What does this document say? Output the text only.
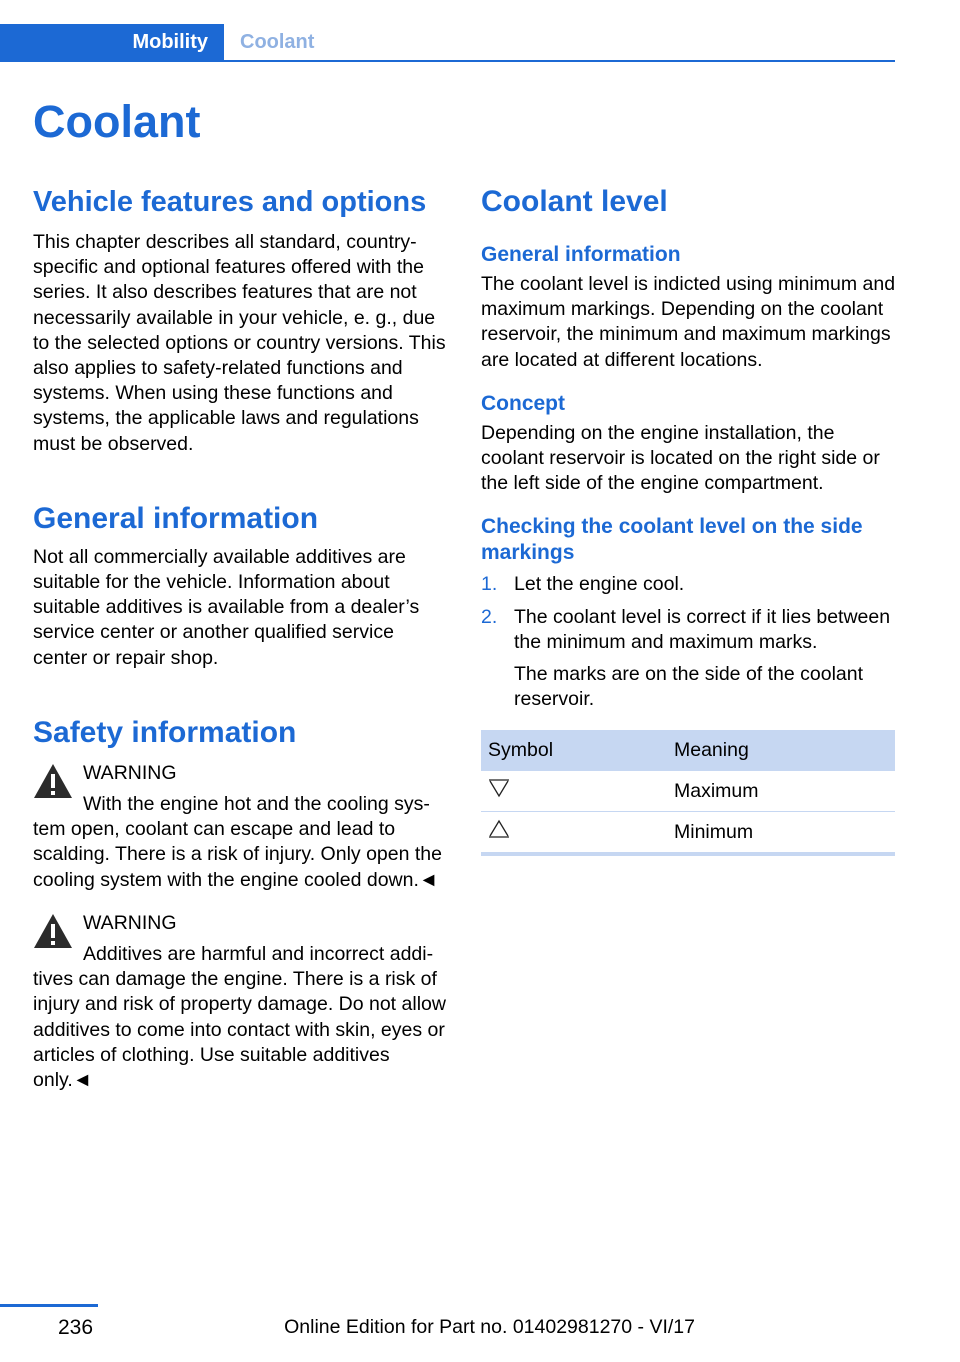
Mobility	Coolant
Coolant
Vehicle features and options

This chapter describes all standard, country-specific and optional features offered with the series. It also describes features that are not necessarily available in your vehicle, e. g., due to the selected options or country versions. This also applies to safety-related functions and systems. When using these functions and systems, the applicable laws and regulations must be observed.

General information

Not all commercially available additives are suitable for the vehicle. Information about suitable additives is available from a dealer’s service center or another qualified service center or repair shop.

Safety information

WARNING

With the engine hot and the cooling sys-

tem open, coolant can escape and lead to scalding. There is a risk of injury. Only open the cooling system with the engine cooled down.◄

WARNING

Additives are harmful and incorrect addi-

tives can damage the engine. There is a risk of injury and risk of property damage. Do not allow additives to come into contact with skin, eyes or articles of clothing. Use suitable additives only.◄

Coolant level
General information

The coolant level is indicted using minimum and maximum markings. Depending on the coolant reservoir, the minimum and maximum markings are located at different locations.

Concept

Depending on the engine installation, the coolant reservoir is located on the right side or the left side of the engine compartment.

Checking the coolant level on the side markings
1. Let the engine cool.
2. The coolant level is correct if it lies between the minimum and maximum marks.

The marks are on the side of the coolant reservoir.

Symbol	Meaning
	Maximum
	Minimum
236	Online Edition for Part no. 01402981270 - VI/17
